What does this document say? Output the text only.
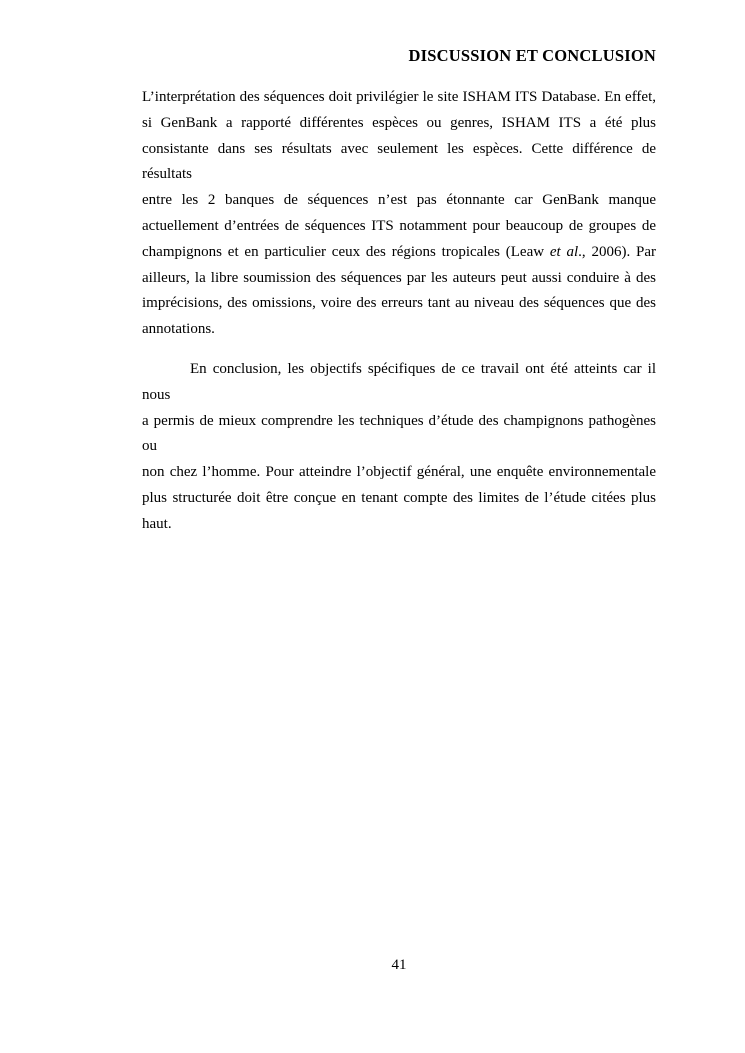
DISCUSSION ET CONCLUSION
L’interprétation des séquences doit privilégier le site ISHAM ITS Database. En effet,
si GenBank a rapporté différentes espèces ou genres, ISHAM ITS a été plus
consistante dans ses résultats avec seulement les espèces. Cette différence de résultats
entre les 2 banques de séquences n’est pas étonnante car GenBank manque
actuellement d’entrées de séquences ITS notamment pour beaucoup de groupes de
champignons et en particulier ceux des régions tropicales (Leaw et al., 2006). Par
ailleurs, la libre soumission des séquences par les auteurs peut aussi conduire à des
imprécisions, des omissions, voire des erreurs tant au niveau des séquences que des
annotations.
En conclusion, les objectifs spécifiques de ce travail ont été atteints car il nous
a permis de mieux comprendre les techniques d’étude des champignons pathogènes ou
non chez l’homme. Pour atteindre l’objectif général, une enquête environnementale
plus structurée doit être conçue en tenant compte des limites de l’étude citées plus haut.
41
